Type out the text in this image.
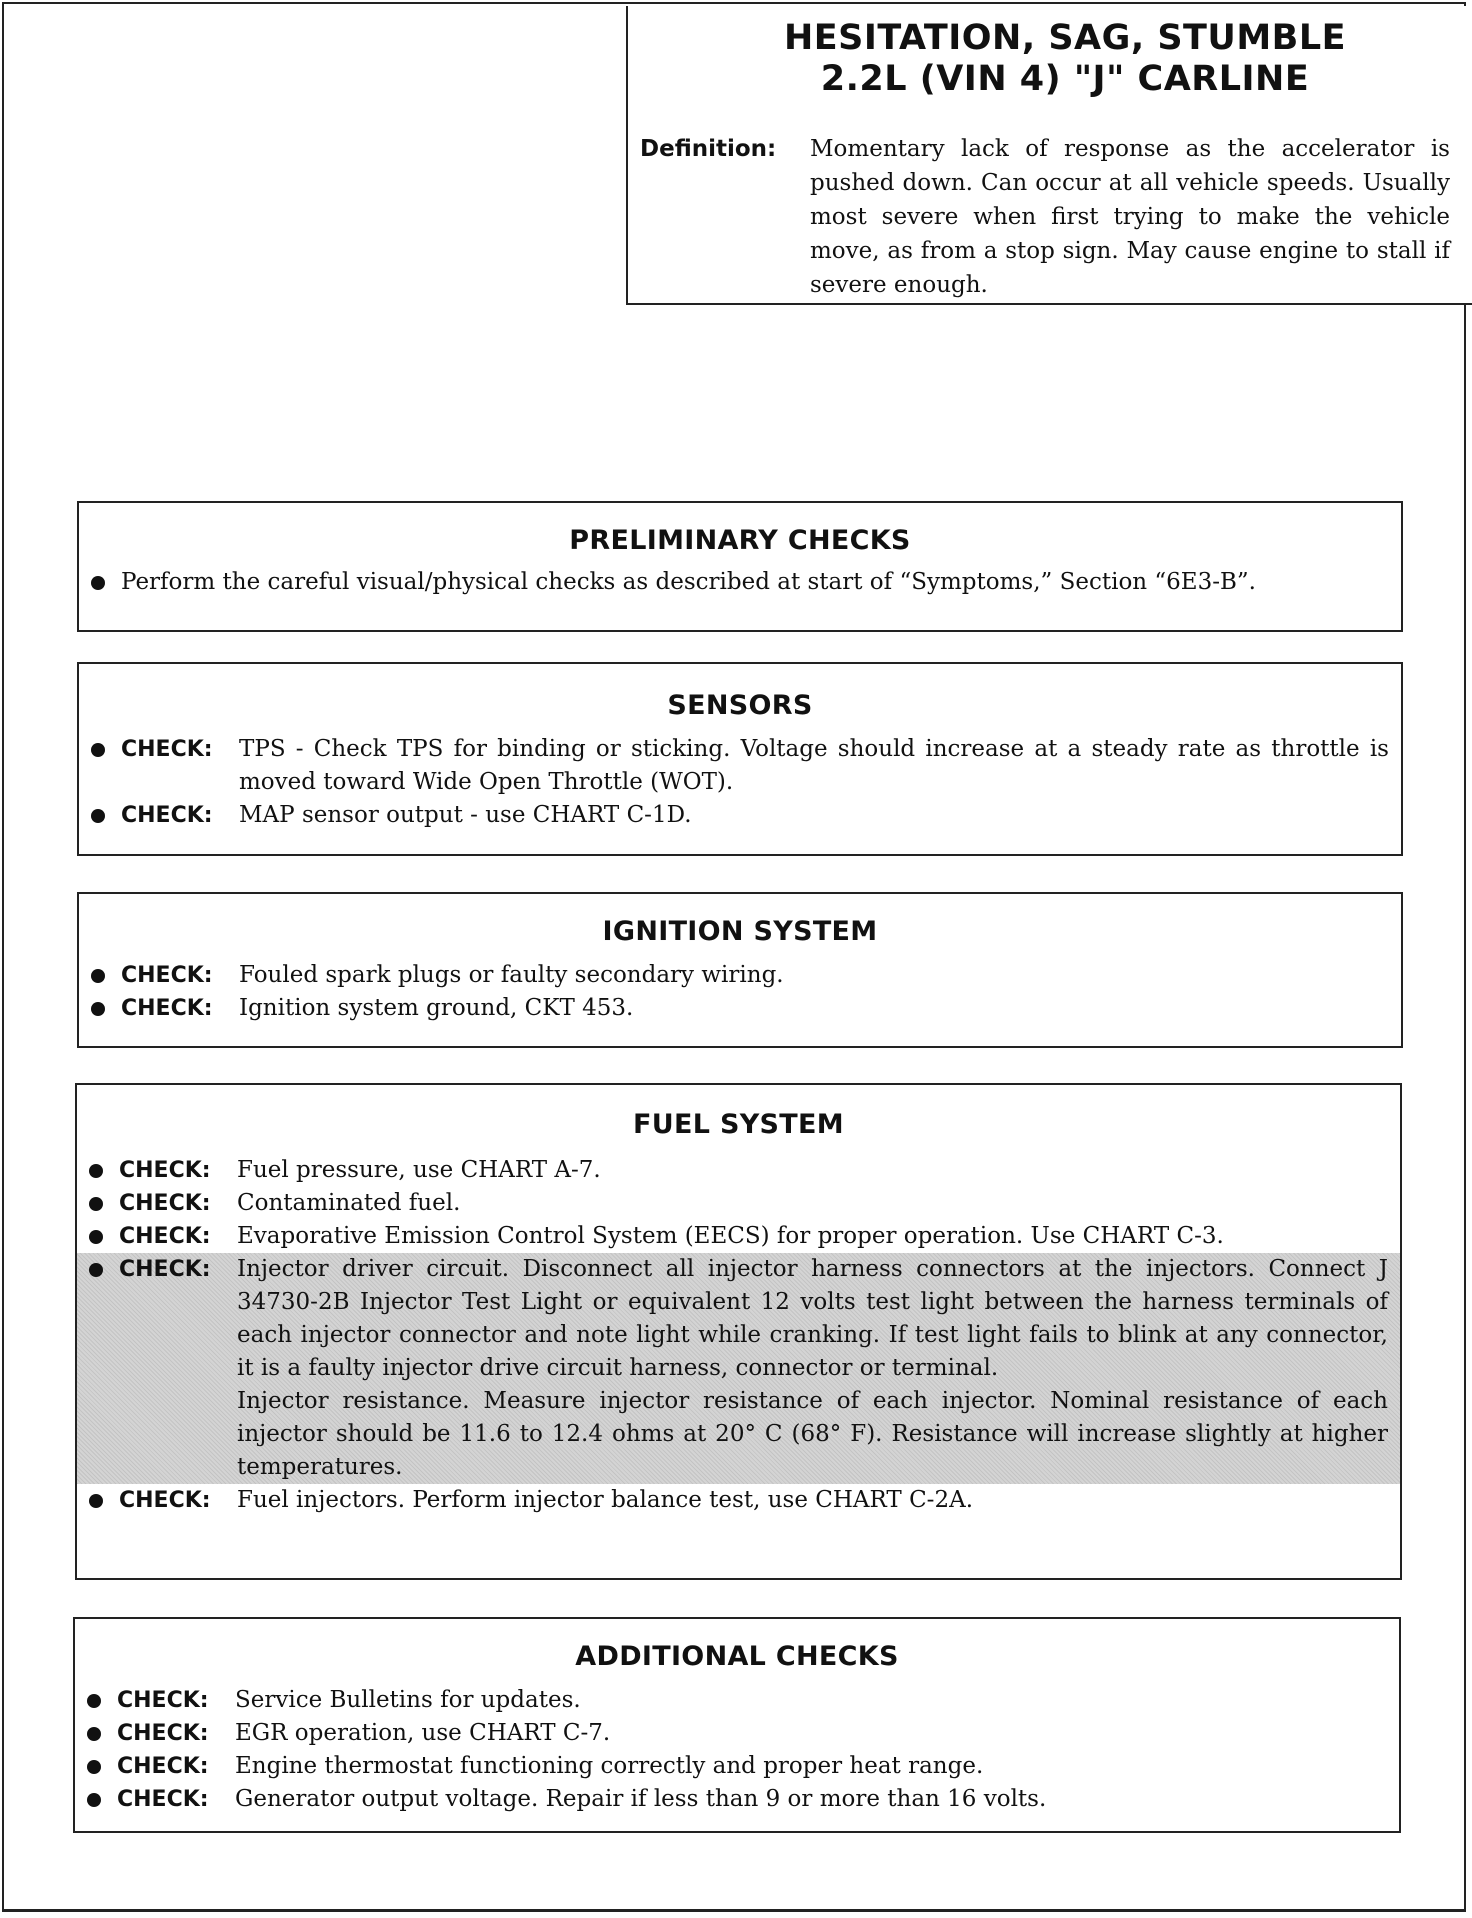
HESITATION, SAG, STUMBLE
2.2L (VIN 4) "J" CARLINE
Definition:	Momentary lack of response as the accelerator is pushed down. Can occur at all vehicle speeds. Usually most severe when first trying to make the vehicle move, as from a stop sign. May cause engine to stall if severe enough.
PRELIMINARY CHECKS
Perform the careful visual/physical checks as described at start of “Symptoms,” Section “6E3-B”.
SENSORS
CHECK: TPS - Check TPS for binding or sticking. Voltage should increase at a steady rate as throttle is moved toward Wide Open Throttle (WOT).
CHECK: MAP sensor output - use CHART C-1D.
IGNITION SYSTEM
CHECK: Fouled spark plugs or faulty secondary wiring.
CHECK: Ignition system ground, CKT 453.
FUEL SYSTEM
CHECK: Fuel pressure, use CHART A-7.
CHECK: Contaminated fuel.
CHECK: Evaporative Emission Control System (EECS) for proper operation. Use CHART C-3.
CHECK: Injector driver circuit. Disconnect all injector harness connectors at the injectors. Connect J 34730-2B Injector Test Light or equivalent 12 volts test light between the harness terminals of each injector connector and note light while cranking. If test light fails to blink at any connector, it is a faulty injector drive circuit harness, connector or terminal.

Injector resistance. Measure injector resistance of each injector. Nominal resistance of each injector should be 11.6 to 12.4 ohms at 20° C (68° F). Resistance will increase slightly at higher temperatures.

CHECK: Fuel injectors. Perform injector balance test, use CHART C-2A.
ADDITIONAL CHECKS
CHECK: Service Bulletins for updates.
CHECK: EGR operation, use CHART C-7.
CHECK: Engine thermostat functioning correctly and proper heat range.
CHECK: Generator output voltage. Repair if less than 9 or more than 16 volts.
